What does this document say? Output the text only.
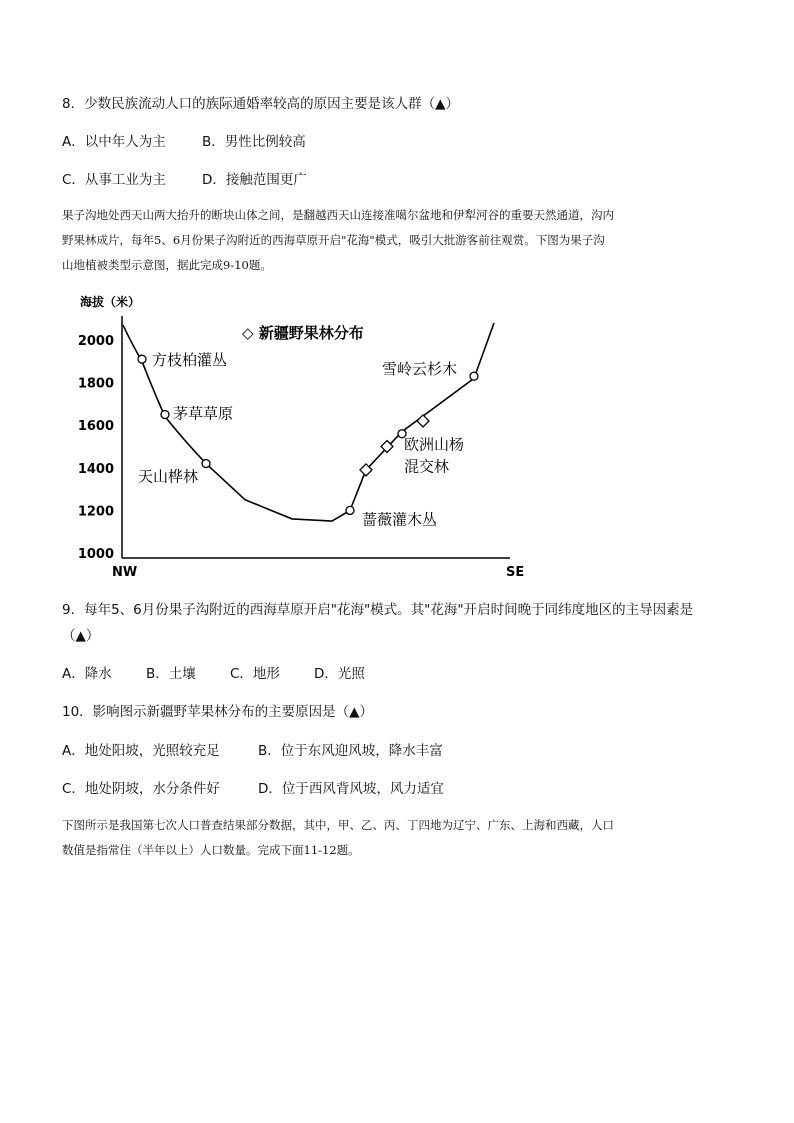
8．少数民族流动人口的族际通婚率较高的原因主要是该人群（▲）
A．以中年人为主	B．男性比例较高
C．从事工业为主	D．接触范围更广
果子沟地处西天山两大抬升的断块山体之间，是翻越西天山连接准噶尔盆地和伊犁河谷的重要天然通道，沟内
野果林成片，每年5、6月份果子沟附近的西海草原开启"花海"模式，吸引大批游客前往观赏。下图为果子沟
山地植被类型示意图，据此完成9-10题。
海拔（米）
2000
1800
1600
1400
1200
1000
NW	SE
◇ 新疆野果林分布
方枝柏灌丛
茅草草原
天山桦林
蔷薇灌木丛
欧洲山杨
混交林
雪岭云杉木
9．每年5、6月份果子沟附近的西海草原开启"花海"模式。其"花海"开启时间晚于同纬度地区的主导因素是
（▲）
A．降水	B．土壤	C．地形	D．光照
10．影响图示新疆野苹果林分布的主要原因是（▲）
A．地处阳坡，光照较充足	B．位于东风迎风坡，降水丰富
C．地处阴坡，水分条件好	D．位于西风背风坡，风力适宜
下图所示是我国第七次人口普查结果部分数据，其中，甲、乙、丙、丁四地为辽宁、广东、上海和西藏，人口
数值是指常住（半年以上）人口数量。完成下面11-12题。
